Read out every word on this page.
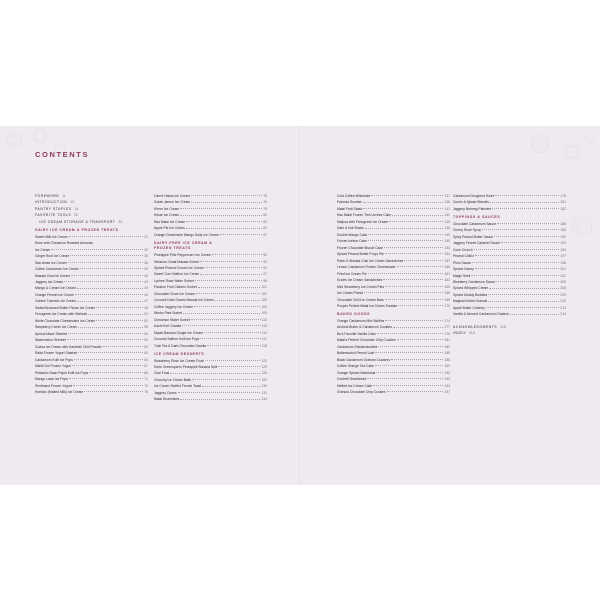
CONTENTS
FOREWORD 11
INTRODUCTION 13
PANTRY STAPLES 14
FAVORITE TOOLS 20
ICE CREAM STORAGE & TRANSPORT 23
DAIRY ICE CREAM & FROZEN TREATS
Sweet Milk Ice Cream	31
Rose with Cinnamon Roasted Almonds
Ice Cream	32
Ginger Root Ice Cream	35
Star Anise Ice Cream	36
Coffee Cardamom Ice Cream	39
Masala Chai Ice Cream	40
Jaggery Ice Cream	43
Mango & Cream Ice Cream	44
Orange Fennel Ice Cream	45
Golden Turmeric Ice Cream	47
Salted Browned Butter Pecan Ice Cream	48
Fenugreek Ice Cream with Walnuts	51
White Chocolate Cheesecake Ice Cream	52
Raspberry Cumin Ice Cream	55
Apricot Mace Sherbet	56
Watermelon Sherbet	59
Guava Ice Cream with Kashmiri Chili Powder	60
Raita Frozen Yogurt Sherbet	63
Cardamom Kulfi Ice Pops	64
Mishti Doi Frozen Yogurt	67
Pistachio Saan Papdi Kulfi Ice Pops	68
Mango Lassi Ice Pops	71
Shrikhand Frozen Yogurt	72
Horlicks (Malted Milk) Ice Cream	75
Carrot Halwa Ice Cream	75
Gulab Jamun Ice Cream	76
Kheer Ice Cream	79
Kesar Ice Cream	80
Ras Malai Ice Cream	83
Apple Pie Ice Cream	84
Orange Creamsicle Mango Dolly Ice Cream	87
DAIRY-FREE ICE CREAM &
FROZEN TREATS
Pineapple Pink Peppercorn Ice Cream	90
Hibiscus Chaat Masala Sorbet	93
Spiced Peanut Crunch Ice Cream	94
Sweet Corn Saffron Ice Cream	97
Lychee Rose Water Sorbet	98
Passion Fruit Cilantro Sorbet	101
Chocolate Clove Ice Cream	102
Coconut Date Garam Masala Ice Cream	105
Coffee Jaggery Ice Cream	106
Nimbu Pani Sorbet	109
Cinnamon Water Sorbet	110
Kachi Keri Granita	113
Maple Banana Ginger Ice Cream	114
Coconut Saffron Kulfi Ice Pops	117
Tulsi Tea & Dark Chocolate Granita	118
ICE CREAM DESSERTS
Strawberry Rose Ice Cream Float	122
Dorie Greenspan's Pineapple Banana Split	125
Chai Float	126
Crunchy Ice Cream Balls	129
Ice Cream Stuffed French Toast	130
Jaggery Cones	133
Malai Drumsticks	134
Cold Coffee Milkshake	137
Faloodа Sundae	138
Malai Fruit Salad	141
Ras Malai Frozen Tres Leches Cake	142
Malpua with Fenugreek Ice Cream	145
Date & Nut Shake	146
Double Mango Cake	149
Frozen Icebox Cake	150
Frozen Chocolate Biscuit Cake	153
Spiced Peanut Butter Froyo Pie	154
Parle-G Masala Chai Ice Cream Sandwiches	157
Lemon Cardamom Frozen Cheesecake	158
Fried Ice Cream Pie	161
Eccles Ice Cream Sandwiches	162
Mini Strawberry Ice Cream Pies	165
Ice Cream Pheda	166
Chocolate Chili Ice Cream Bars	169
Poojа's Perfect Malai Ice Cream Sundae	170
BAKED GOODS
Orange Cardamom Mini Muffins	174
Almond Butter & Cardamom Cookies	177
Bo's Favorite Vanilla Cake	178
Malai's Perfect Chocolate Chip Cookies	181
Cardamom Snickerdoodles	182
Butterscotch Fennel Loaf	185
Black Cardamom Graham Crackers	186
Coffee Orange Tea Cake	189
Orange Spiced Nankhatai	190
Confetti Shortbread	193
Melted Ice Cream Cake	194
Granola Chocolate Chip Cookies	197
Cardamom Doughnut Holes	178
Cumin & Ajwain Biscuits	181
Jaggery Nutmeg Palmiers	182
TOPPINGS & SAUCES
Chocolate Cardamom Sauce	186
Cherry Rose Syrup	189
Spicy Peanut Butter Sauce	190
Jaggery Fennel Caramel Sauce	193
Cone Crunch	194
Peanut Chikki	197
Plum Sauce	198
Spiced Honey	201
Magic Shell	202
Blueberry Cardamom Sauce	205
Spiced Whipped Cream	206
Spiced Muddy Buddies	209
Magical Indian Granola	210
Apple Butter Chutney	213
Vanilla & Almond Cardamom Clusters	214
ACKNOWLEDGMENTS 216
INDEX 218
